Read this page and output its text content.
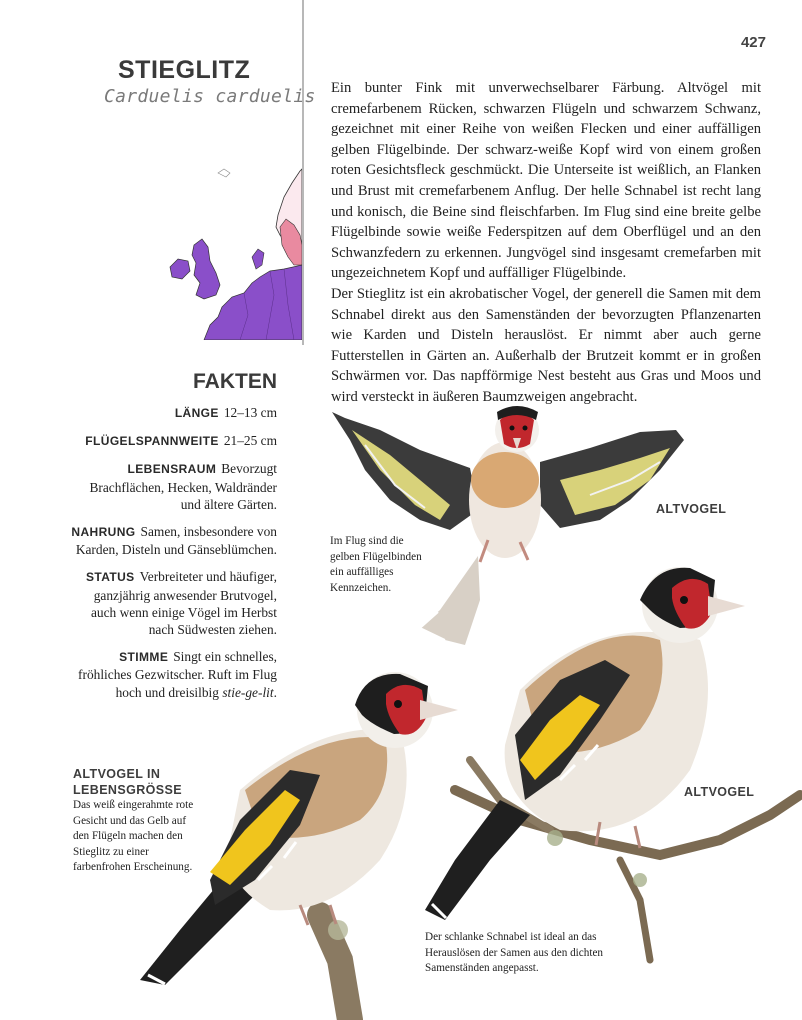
427
STIEGLITZ
Carduelis carduelis Ein bunter Fink mit unverwechselbarer Färbung. Altvögel mit cremefarbenem Rücken, schwarzen Flügeln und schwarzem Schwanz, gezeichnet mit einer Reihe von weißen Flecken und einer auffälligen gelben Flügelbinde. Der schwarz-weiße Kopf wird von einem großen roten Gesichtsfleck geschmückt. Die Unterseite ist weißlich, an Flanken und Brust mit cremefarbenem Anflug. Der helle Schnabel ist recht lang und konisch, die Beine sind fleischfarben. Im Flug sind eine breite gelbe Flügelbinde sowie weiße Federspitzen auf dem Oberflügel und an den Schwanzfedern zu erkennen. Jungvögel sind insgesamt cremefarben mit ungezeichnetem Kopf und auffälliger Flügelbinde.

Der Stieglitz ist ein akrobatischer Vogel, der generell die Samen mit dem Schnabel direkt aus den Samenständen der bevorzugten Pflanzenarten wie Karden und Disteln herauslöst. Er nimmt aber auch gerne Futterstellen in Gärten an. Außerhalb der Brutzeit kommt er in großen Schwärmen vor. Das napfförmige Nest besteht aus Gras und Moos und wird versteckt in äußeren Baumzweigen angebracht.

FAKTEN
LÄNGE 12–13 cm
FLÜGELSPANNWEITE 21–25 cm
LEBENSRAUM Bevorzugt Brachflächen, Hecken, Waldränder und ältere Gärten.
NAHRUNG Samen, insbesondere von Karden, Disteln und Gänseblümchen.
STATUS Verbreiteter und häufiger, ganzjährig anwesender Brutvogel, auch wenn einige Vögel im Herbst nach Südwesten ziehen.
STIMME Singt ein schnelles, fröhliches Gezwitscher. Ruft im Flug hoch und dreisilbig stie-ge-lit.
Im Flug sind die gelben Flügelbinden ein auffälliges Kennzeichen.
ALTVOGEL
ALTVOGEL
ALTVOGEL IN LEBENSGRÖSSE
Das weiß eingerahmte rote Gesicht und das Gelb auf den Flügeln machen den Stieglitz zu einer farbenfrohen Erscheinung.
Der schlanke Schnabel ist ideal an das Herauslösen der Samen aus den dichten Samenständen angepasst.
